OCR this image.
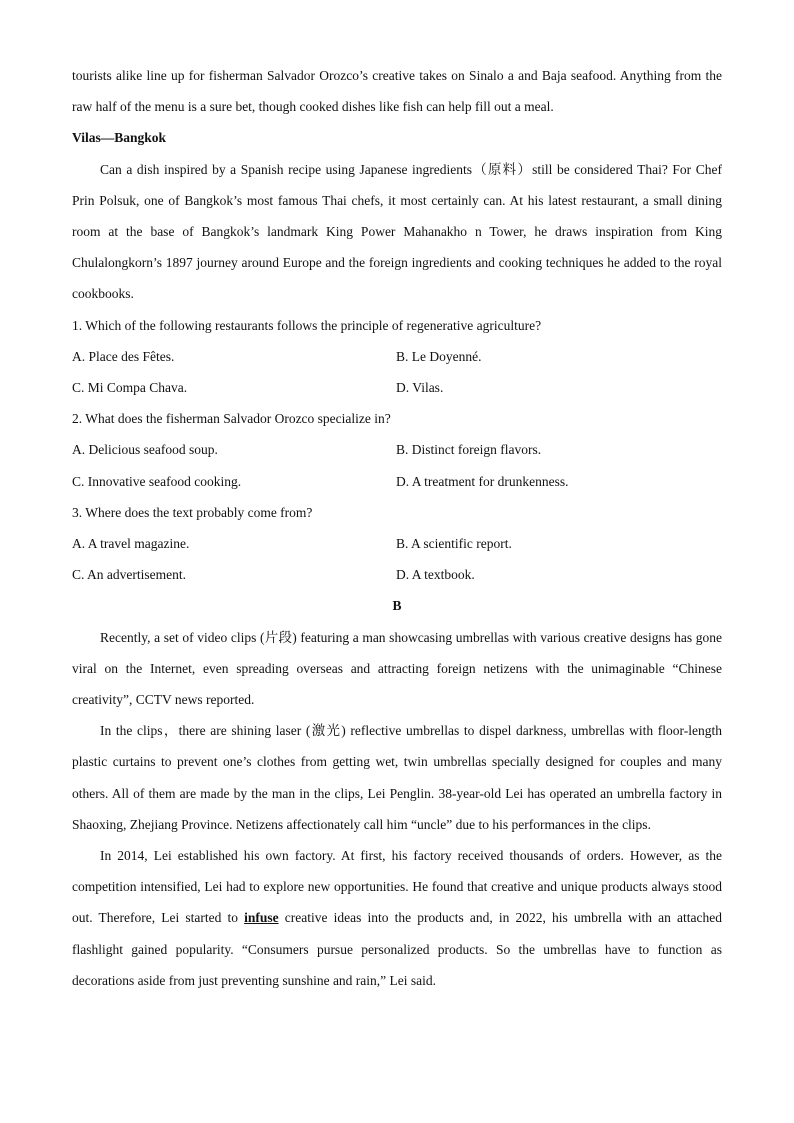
tourists alike line up for fisherman Salvador Orozco’s creative takes on Sinalo a and Baja seafood. Anything from the raw half of the menu is a sure bet, though cooked dishes like fish can help fill out a meal.

Vilas—Bangkok

Can a dish inspired by a Spanish recipe using Japanese ingredients（原料）still be considered Thai? For Chef Prin Polsuk, one of Bangkok’s most famous Thai chefs, it most certainly can. At his latest restaurant, a small dining room at the base of Bangkok’s landmark King Power Mahanakho n Tower, he draws inspiration from King Chulalongkorn’s 1897 journey around Europe and the foreign ingredients and cooking techniques he added to the royal cookbooks.

1. Which of the following restaurants follows the principle of regenerative agriculture?

A. Place des Fêtes.	B. Le Doyenné.
C. Mi Compa Chava.	D. Vilas.

2. What does the fisherman Salvador Orozco specialize in?

A. Delicious seafood soup.	B. Distinct foreign flavors.
C. Innovative seafood cooking.	D. A treatment for drunkenness.

3. Where does the text probably come from?

A. A travel magazine.	B. A scientific report.
C. An advertisement.	D. A textbook.

B

Recently, a set of video clips (片段) featuring a man showcasing umbrellas with various creative designs has gone viral on the Internet, even spreading overseas and attracting foreign netizens with the unimaginable “Chinese creativity”, CCTV news reported.

In the clips，there are shining laser (激光) reflective umbrellas to dispel darkness, umbrellas with floor-length plastic curtains to prevent one’s clothes from getting wet, twin umbrellas specially designed for couples and many others. All of them are made by the man in the clips, Lei Penglin. 38-year-old Lei has operated an umbrella factory in Shaoxing, Zhejiang Province. Netizens affectionately call him “uncle” due to his performances in the clips.

In 2014, Lei established his own factory. At first, his factory received thousands of orders. However, as the competition intensified, Lei had to explore new opportunities. He found that creative and unique products always stood out. Therefore, Lei started to infuse creative ideas into the products and, in 2022, his umbrella with an attached flashlight gained popularity. “Consumers pursue personalized products. So the umbrellas have to function as decorations aside from just preventing sunshine and rain,” Lei said.
